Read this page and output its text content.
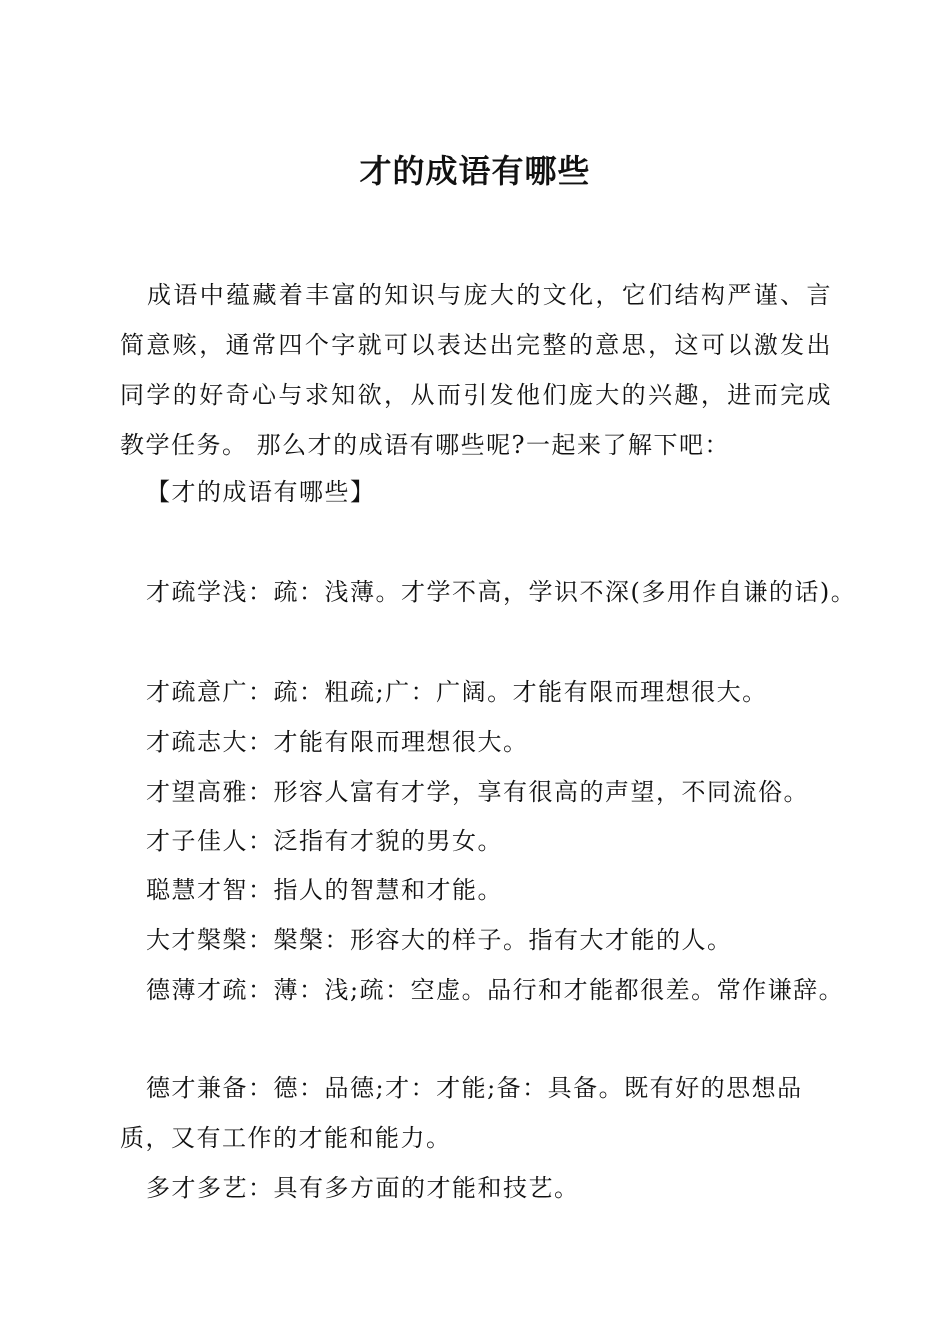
才的成语有哪些
成语中蕴藏着丰富的知识与庞大的文化，它们结构严谨、言简意赅，通常四个字就可以表达出完整的意思，这可以激发出同学的好奇心与求知欲，从而引发他们庞大的兴趣，进而完成教学任务。 那么才的成语有哪些呢?一起来了解下吧：
【才的成语有哪些】
才疏学浅：疏：浅薄。才学不高，学识不深(多用作自谦的话)。
才疏意广：疏：粗疏;广：广阔。才能有限而理想很大。
才疏志大：才能有限而理想很大。
才望高雅：形容人富有才学，享有很高的声望，不同流俗。
才子佳人：泛指有才貌的男女。
聪慧才智：指人的智慧和才能。
大才槃槃：槃槃：形容大的样子。指有大才能的人。
德薄才疏：薄：浅;疏：空虚。品行和才能都很差。常作谦辞。
德才兼备：德：品德;才：才能;备：具备。既有好的思想品质，又有工作的才能和能力。
多才多艺：具有多方面的才能和技艺。
